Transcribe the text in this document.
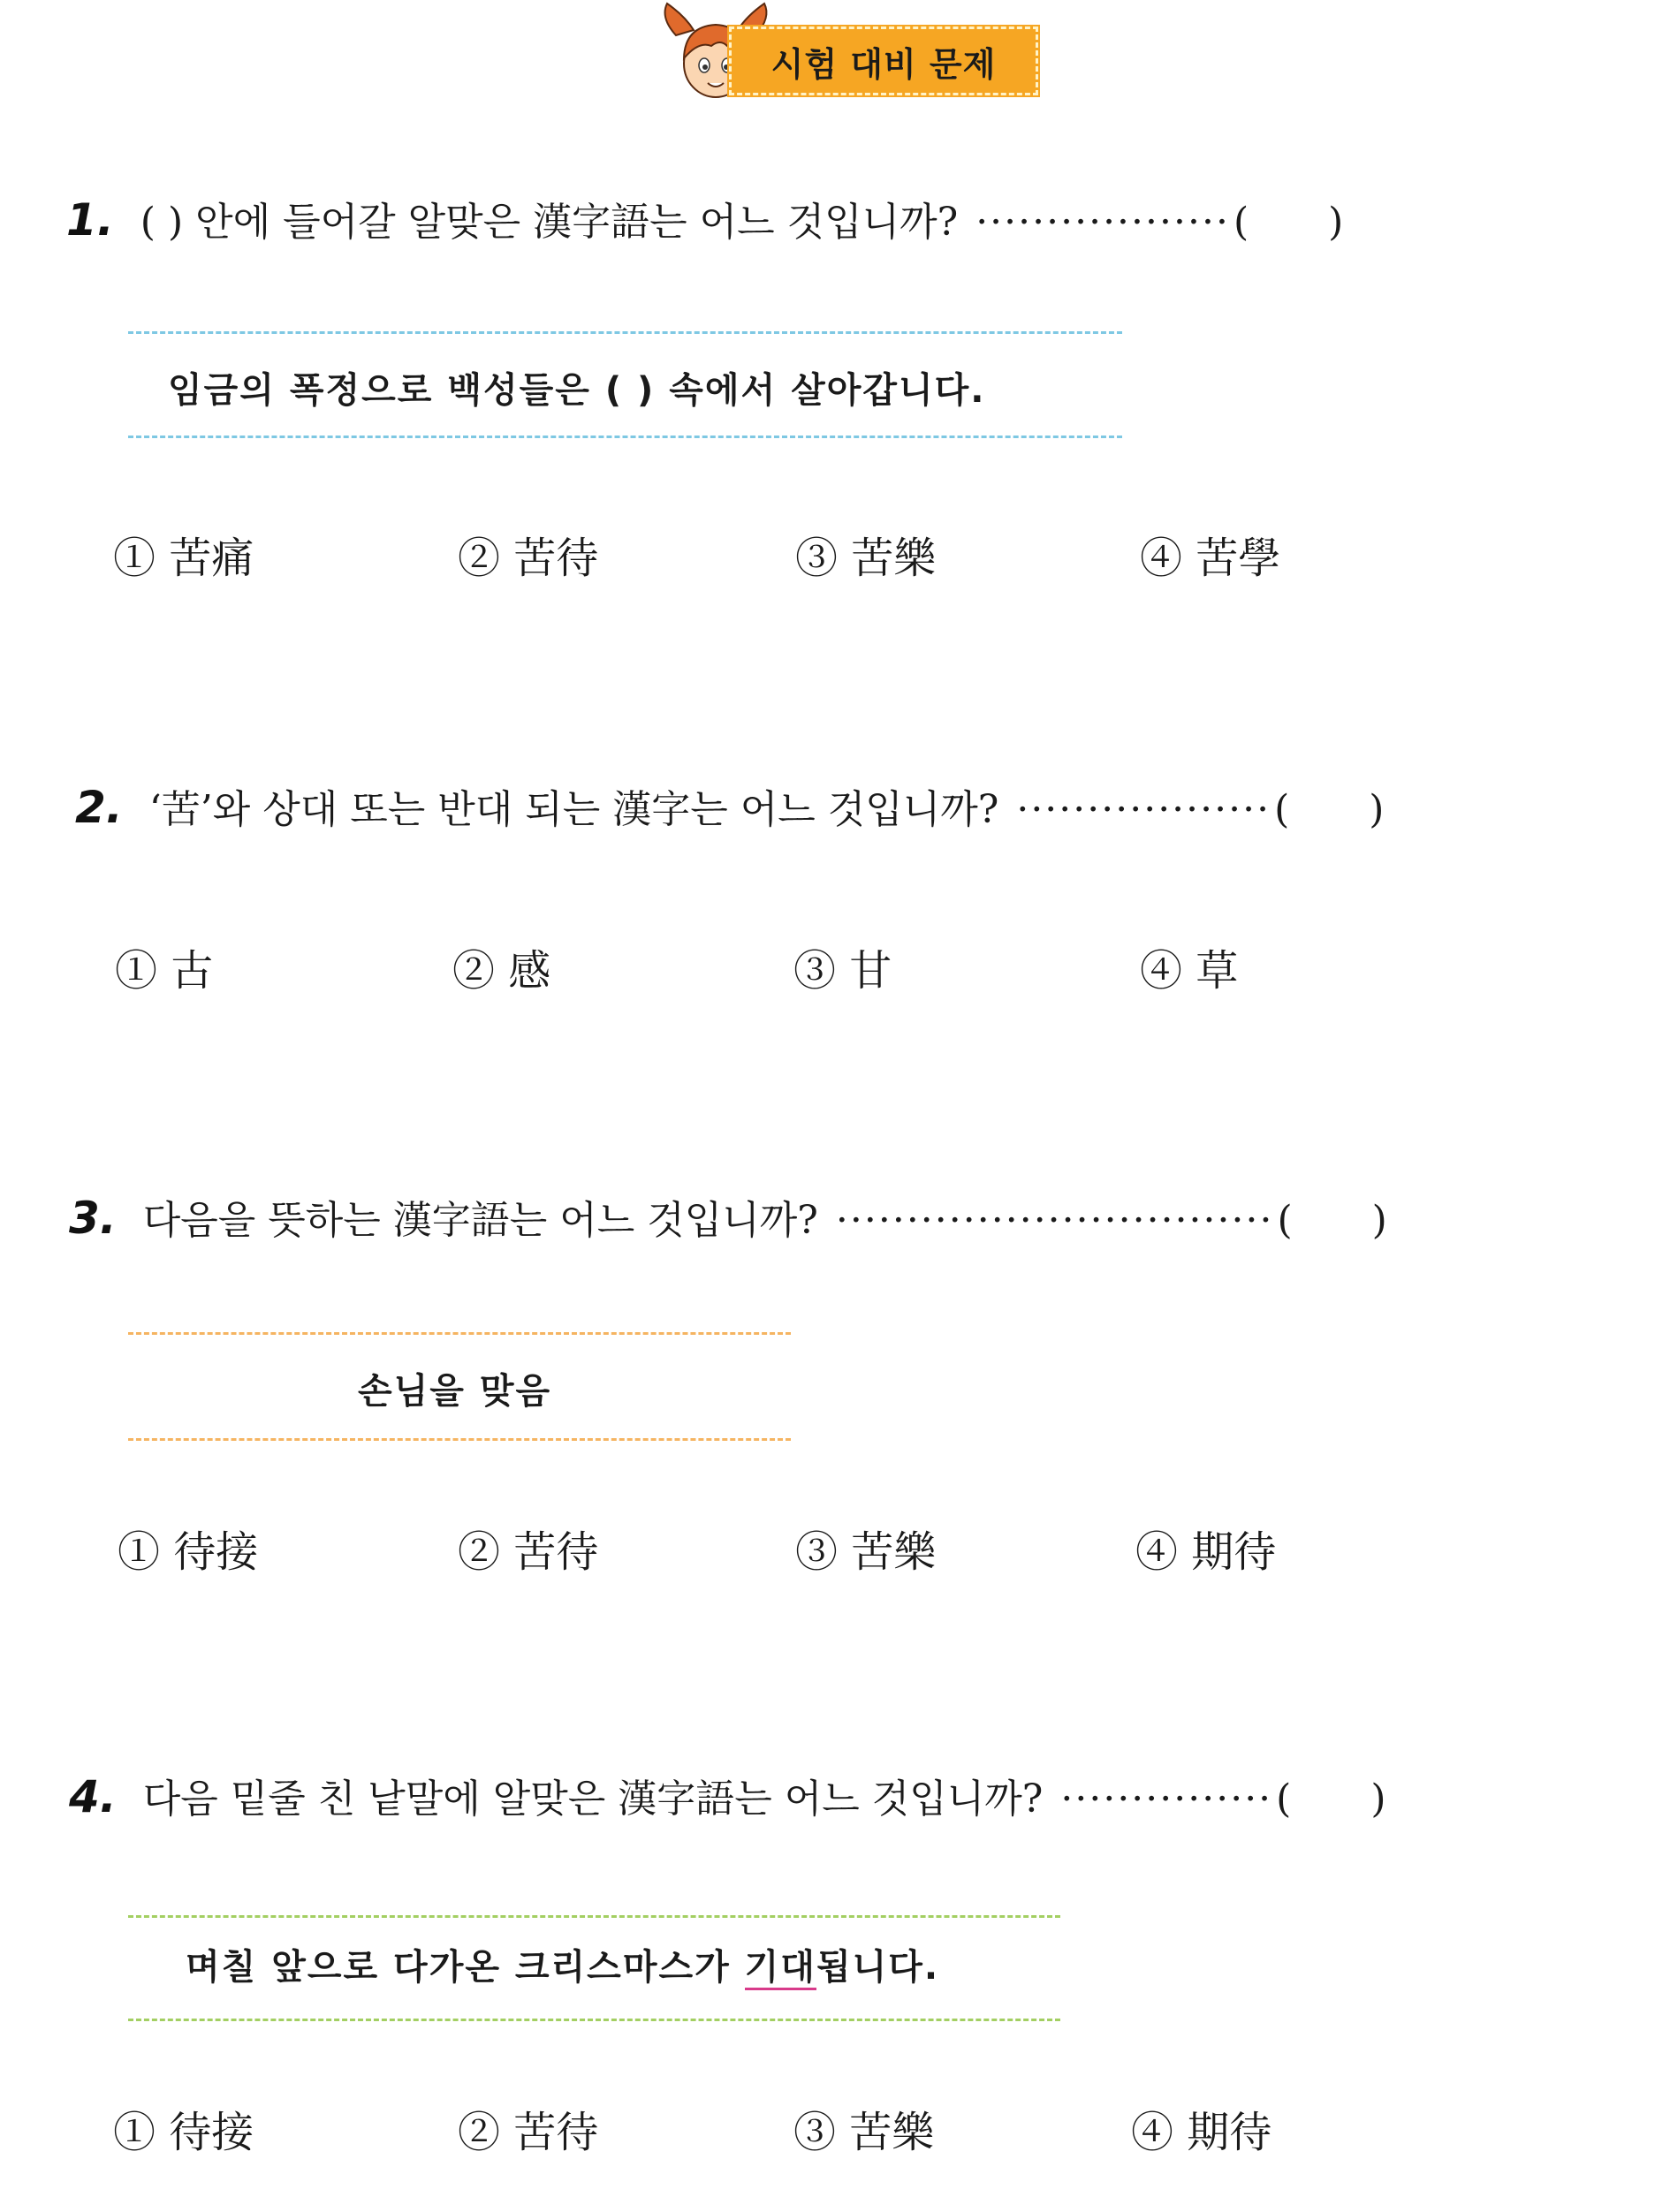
시험 대비 문제
1. ( ) 안에 들어갈 알맞은 漢字語는 어느 것입니까? ·················· ( )
임금의 폭정으로 백성들은 ( ) 속에서 살아갑니다.
① 苦痛	② 苦待	③ 苦樂	④ 苦學
2. ‘苦’와 상대 또는 반대 되는 漢字는 어느 것입니까? ·················· ( )
① 古	② 感	③ 甘	④ 草
3. 다음을 뜻하는 漢字語는 어느 것입니까? ······························· ( )
손님을 맞음
① 待接	② 苦待	③ 苦樂	④ 期待
4. 다음 밑줄 친 낱말에 알맞은 漢字語는 어느 것입니까? ··············· ( )
며칠 앞으로 다가온 크리스마스가 기대됩니다.
① 待接	② 苦待	③ 苦樂	④ 期待
